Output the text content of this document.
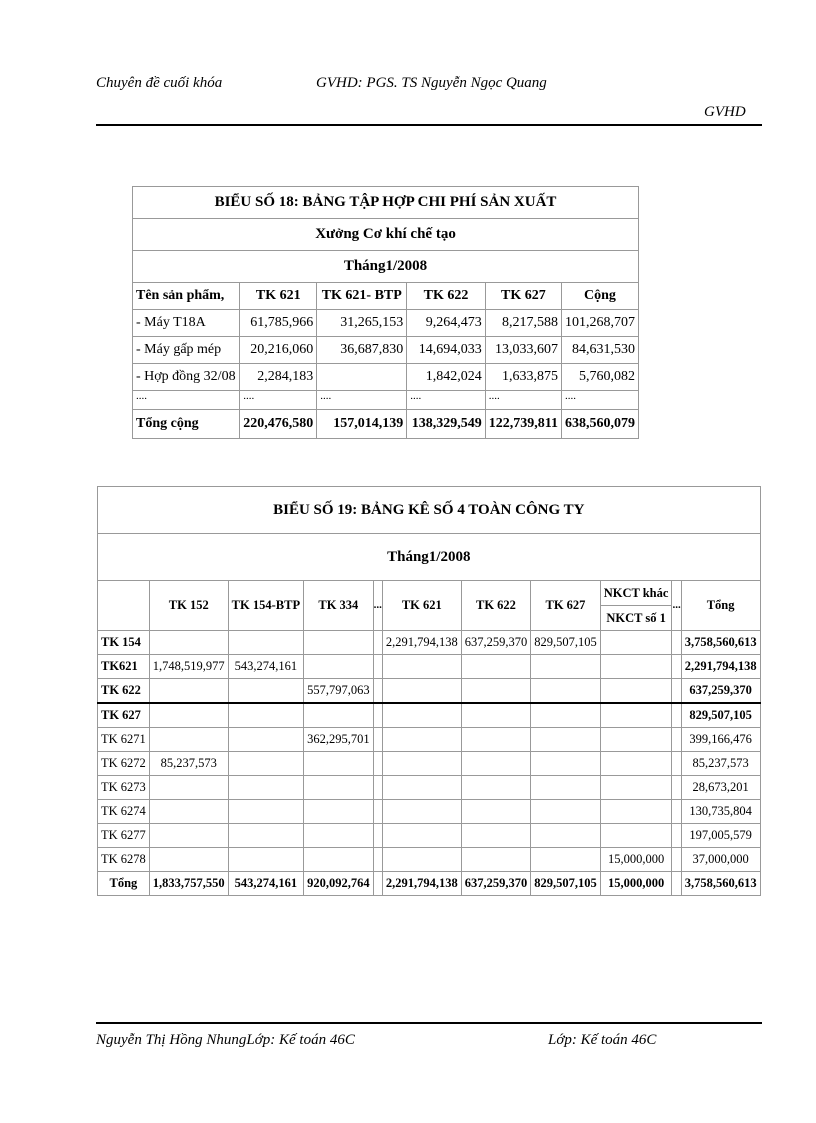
Chuyên đề cuối khóa	GVHD: PGS. TS Nguyễn Ngọc Quang
GVHD
BIỂU SỐ 18: BẢNG TẬP HỢP CHI PHÍ SẢN XUẤT					
Xưởng Cơ khí chế tạo					
Tháng1/2008					
Tên sản phẩm,	TK 621	TK 621- BTP	TK 622	TK 627	Cộng
- Máy T18A	61,785,966	31,265,153	9,264,473	8,217,588	101,268,707
- Máy gấp mép	20,216,060	36,687,830	14,694,033	13,033,607	84,631,530
- Hợp đồng 32/08	2,284,183		1,842,024	1,633,875	5,760,082
....	....	....	....	....	....
Tổng cộng	220,476,580	157,014,139	138,329,549	122,739,811	638,560,079
BIỂU SỐ 19: BẢNG KÊ SỐ 4 TOÀN CÔNG TY										
Tháng1/2008										
	TK 152	TK 154-BTP	TK 334	...	TK 621	TK 622	TK 627	NKCT khác	...	Tổng
								NKCT số 1		
TK 154					2,291,794,138	637,259,370	829,507,105			3,758,560,613
TK621	1,748,519,977	543,274,161								2,291,794,138
TK 622			557,797,063							637,259,370
TK 627										829,507,105
TK 6271			362,295,701							399,166,476
TK 6272	85,237,573									85,237,573
TK 6273										28,673,201
TK 6274										130,735,804
TK 6277										197,005,579
TK 6278								15,000,000		37,000,000
Tổng	1,833,757,550	543,274,161	920,092,764		2,291,794,138	637,259,370	829,507,105	15,000,000		3,758,560,613
Nguyễn Thị Hồng NhungLớp: Kế toán 46C	Lớp: Kế toán 46C
